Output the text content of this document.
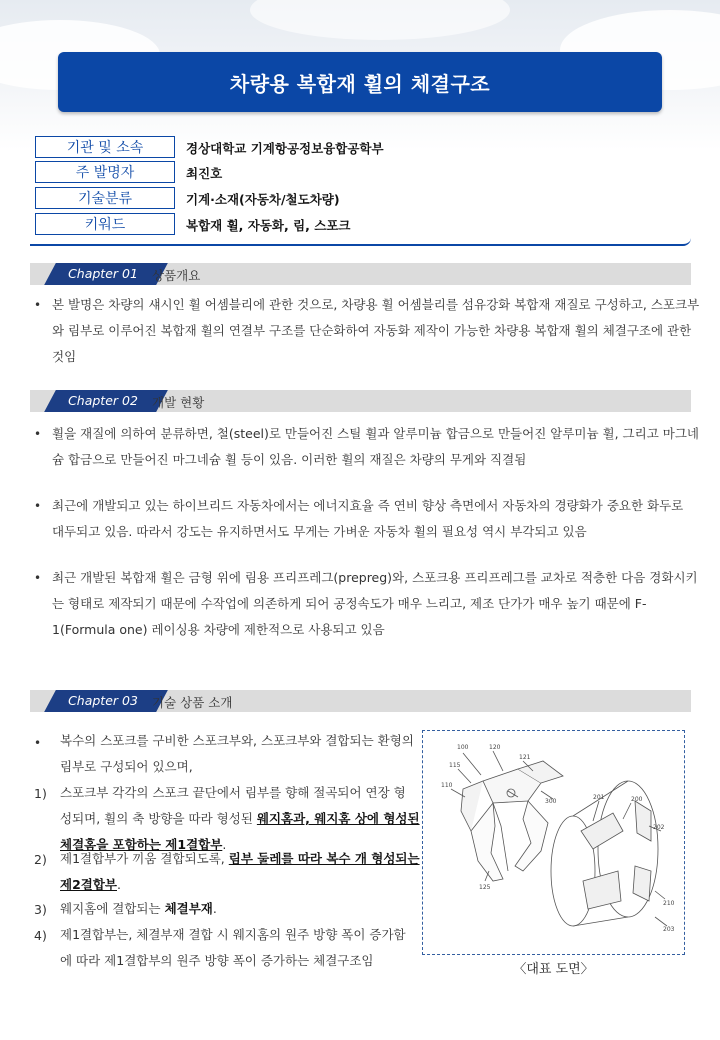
차량용 복합재 휠의 체결구조
기관 및 소속	경상대학교 기계항공정보융합공학부
주 발명자	최진호
기술분류	기계·소재(자동차/철도차량)
키워드	복합재 휠, 자동화, 림, 스포크
Chapter 01	상품개요
• 본 발명은 차량의 섀시인 휠 어셈블리에 관한 것으로, 차량용 휠 어셈블리를 섬유강화 복합재 재질로 구성하고, 스포크부
와 림부로 이루어진 복합재 휠의 연결부 구조를 단순화하여 자동화 제작이 가능한 차량용 복합재 휠의 체결구조에 관한
것임
Chapter 02	개발 현황
• 휠을 재질에 의하여 분류하면, 철(steel)로 만들어진 스틸 휠과 알루미늄 합금으로 만들어진 알루미늄 휠, 그리고 마그네
슘 합금으로 만들어진 마그네슘 휠 등이 있음. 이러한 휠의 재질은 차량의 무게와 직결됨
• 최근에 개발되고 있는 하이브리드 자동차에서는 에너지효율 즉 연비 향상 측면에서 자동차의 경량화가 중요한 화두로
대두되고 있음. 따라서 강도는 유지하면서도 무게는 가벼운 자동차 휠의 필요성 역시 부각되고 있음
• 최근 개발된 복합재 휠은 금형 위에 림용 프리프레그(prepreg)와, 스포크용 프리프레그를 교차로 적층한 다음 경화시키
는 형태로 제작되기 때문에 수작업에 의존하게 되어 공정속도가 매우 느리고, 제조 단가가 매우 높기 때문에 F-
1(Formula one) 레이싱용 차량에 제한적으로 사용되고 있음
Chapter 03	기술 상품 소개
• 복수의 스포크를 구비한 스포크부와, 스포크부와 결합되는 환형의
림부로 구성되어 있으며,
1) 스포크부 각각의 스포크 끝단에서 림부를 향해 절곡되어 연장 형
성되며, 휠의 축 방향을 따라 형성된 웨지홈과, 웨지홈 상에 형성된
체결홈을 포함하는 제1결합부.
2) 제1결합부가 끼움 결합되도록, 림부 둘레를 따라 복수 개 형성되는
제2결합부.
3) 웨지홈에 결합되는 체결부재.
4) 제1결합부는, 체결부재 결합 시 웨지홈의 원주 방향 폭이 증가함
에 따라 제1결합부의 원주 방향 폭이 증가하는 체결구조임
100	120
121
115
110
300
201	200
202
125
210
203
〈대표 도면〉
